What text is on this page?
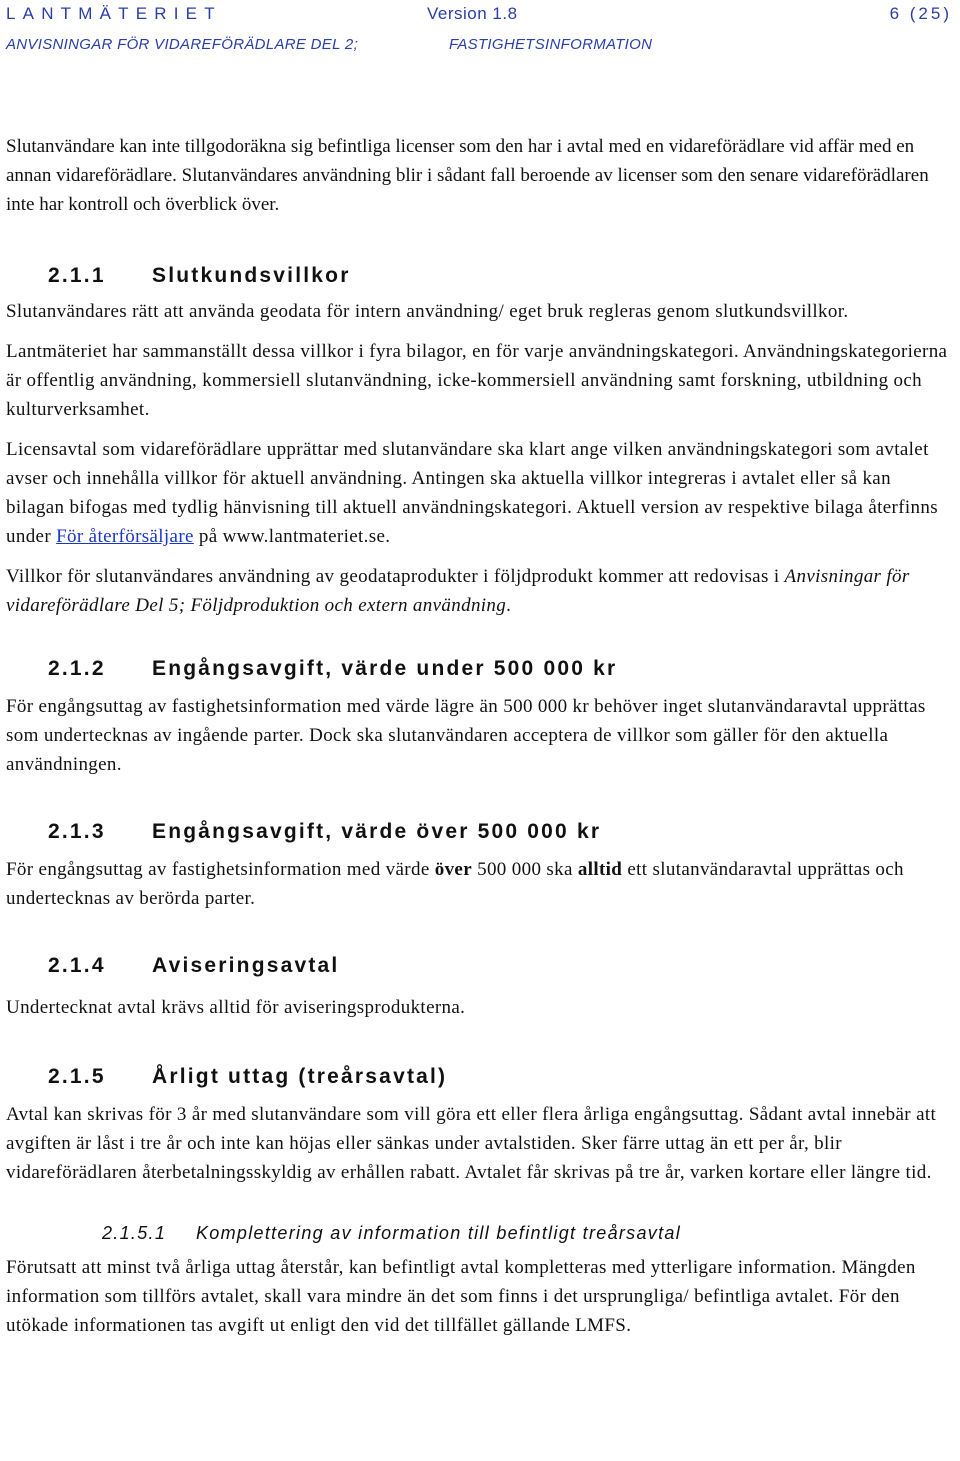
LANTMÄTERIET	Version 1.8	6 (25)
ANVISNINGAR FÖR VIDAREFÖRÄDLARE DEL 2;	FASTIGHETSINFORMATION

Slutanvändare kan inte tillgodoräkna sig befintliga licenser som den har i avtal med en vidareförädlare vid affär med en annan vidareförädlare. Slutanvändares användning blir i sådant fall beroende av licenser som den senare vidareförädlaren inte har kontroll och överblick över.

2.1.1	Slutkundsvillkor

Slutanvändares rätt att använda geodata för intern användning/ eget bruk regleras genom slutkundsvillkor.

Lantmäteriet har sammanställt dessa villkor i fyra bilagor, en för varje användningskategori. Användningskategorierna är offentlig användning, kommersiell slutanvändning, icke-kommersiell användning samt forskning, utbildning och kulturverksamhet.

Licensavtal som vidareförädlare upprättar med slutanvändare ska klart ange vilken användningskategori som avtalet avser och innehålla villkor för aktuell användning. Antingen ska aktuella villkor integreras i avtalet eller så kan bilagan bifogas med tydlig hänvisning till aktuell användningskategori. Aktuell version av respektive bilaga återfinns under För återförsäljare på www.lantmateriet.se.

Villkor för slutanvändares användning av geodataprodukter i följdprodukt kommer att redovisas i Anvisningar för vidareförädlare Del 5; Följdproduktion och extern användning.

2.1.2	Engångsavgift, värde under 500 000 kr

För engångsuttag av fastighetsinformation med värde lägre än 500 000 kr behöver inget slutanvändaravtal upprättas som undertecknas av ingående parter. Dock ska slutanvändaren acceptera de villkor som gäller för den aktuella användningen.

2.1.3	Engångsavgift, värde över 500 000 kr

För engångsuttag av fastighetsinformation med värde över 500 000 ska alltid ett slutanvändaravtal upprättas och undertecknas av berörda parter.

2.1.4	Aviseringsavtal

Undertecknat avtal krävs alltid för aviseringsprodukterna.

2.1.5	Årligt uttag (treårsavtal)

Avtal kan skrivas för 3 år med slutanvändare som vill göra ett eller flera årliga engångsuttag. Sådant avtal innebär att avgiften är låst i tre år och inte kan höjas eller sänkas under avtalstiden. Sker färre uttag än ett per år, blir vidareförädlaren återbetalningsskyldig av erhållen rabatt. Avtalet får skrivas på tre år, varken kortare eller längre tid.

2.1.5.1 Komplettering av information till befintligt treårsavtal

Förutsatt att minst två årliga uttag återstår, kan befintligt avtal kompletteras med ytterligare information. Mängden information som tillförs avtalet, skall vara mindre än det som finns i det ursprungliga/ befintliga avtalet. För den utökade informationen tas avgift ut enligt den vid det tillfället gällande LMFS.
